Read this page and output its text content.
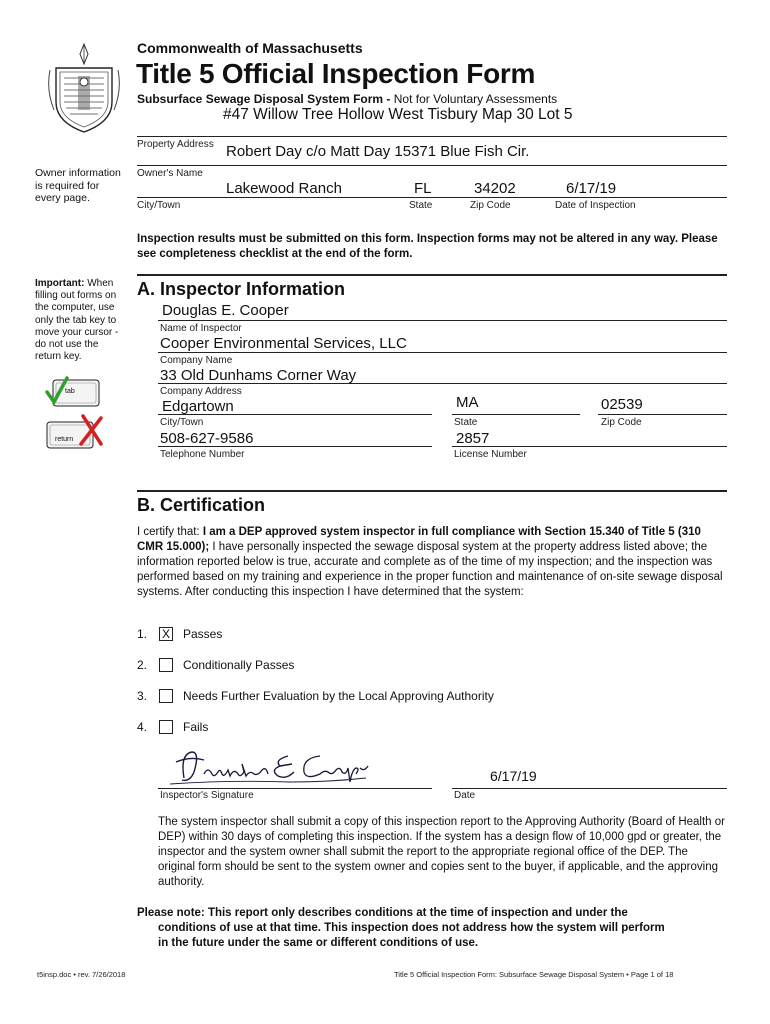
Commonwealth of Massachusetts
Title 5 Official Inspection Form
Subsurface Sewage Disposal System Form - Not for Voluntary Assessments
#47 Willow Tree Hollow West Tisbury Map 30 Lot 5
Property Address Robert Day c/o Matt Day 15371 Blue Fish Cir.
Owner's Name
Owner information is required for every page.
Lakewood Ranch	FL	34202	6/17/19
City/Town	State	Zip Code	Date of Inspection
Inspection results must be submitted on this form. Inspection forms may not be altered in any way. Please see completeness checklist at the end of the form.
Important: When filling out forms on the computer, use only the tab key to move your cursor - do not use the return key.
tab
return
A. Inspector Information
Douglas E. Cooper
Name of Inspector
Cooper Environmental Services, LLC
Company Name
33 Old Dunhams Corner Way
Company Address
Edgartown	MA	02539
City/Town	State	Zip Code
508-627-9586	2857
Telephone Number	License Number
B. Certification
I certify that: I am a DEP approved system inspector in full compliance with Section 15.340 of Title 5 (310 CMR 15.000); I have personally inspected the sewage disposal system at the property address listed above; the information reported below is true, accurate and complete as of the time of my inspection; and the inspection was performed based on my training and experience in the proper function and maintenance of on-site sewage disposal systems. After conducting this inspection I have determined that the system:
1.	X Passes
2.	Conditionally Passes
3.	Needs Further Evaluation by the Local Approving Authority
4.	Fails
6/17/19
Inspector's Signature	Date
The system inspector shall submit a copy of this inspection report to the Approving Authority (Board of Health or DEP) within 30 days of completing this inspection. If the system has a design flow of 10,000 gpd or greater, the inspector and the system owner shall submit the report to the appropriate regional office of the DEP. The original form should be sent to the system owner and copies sent to the buyer, if applicable, and the approving authority.
Please note: This report only describes conditions at the time of inspection and under the
conditions of use at that time. This inspection does not address how the system will perform
in the future under the same or different conditions of use.
t5insp.doc • rev. 7/26/2018	Title 5 Official Inspection Form: Subsurface Sewage Disposal System • Page 1 of 18
